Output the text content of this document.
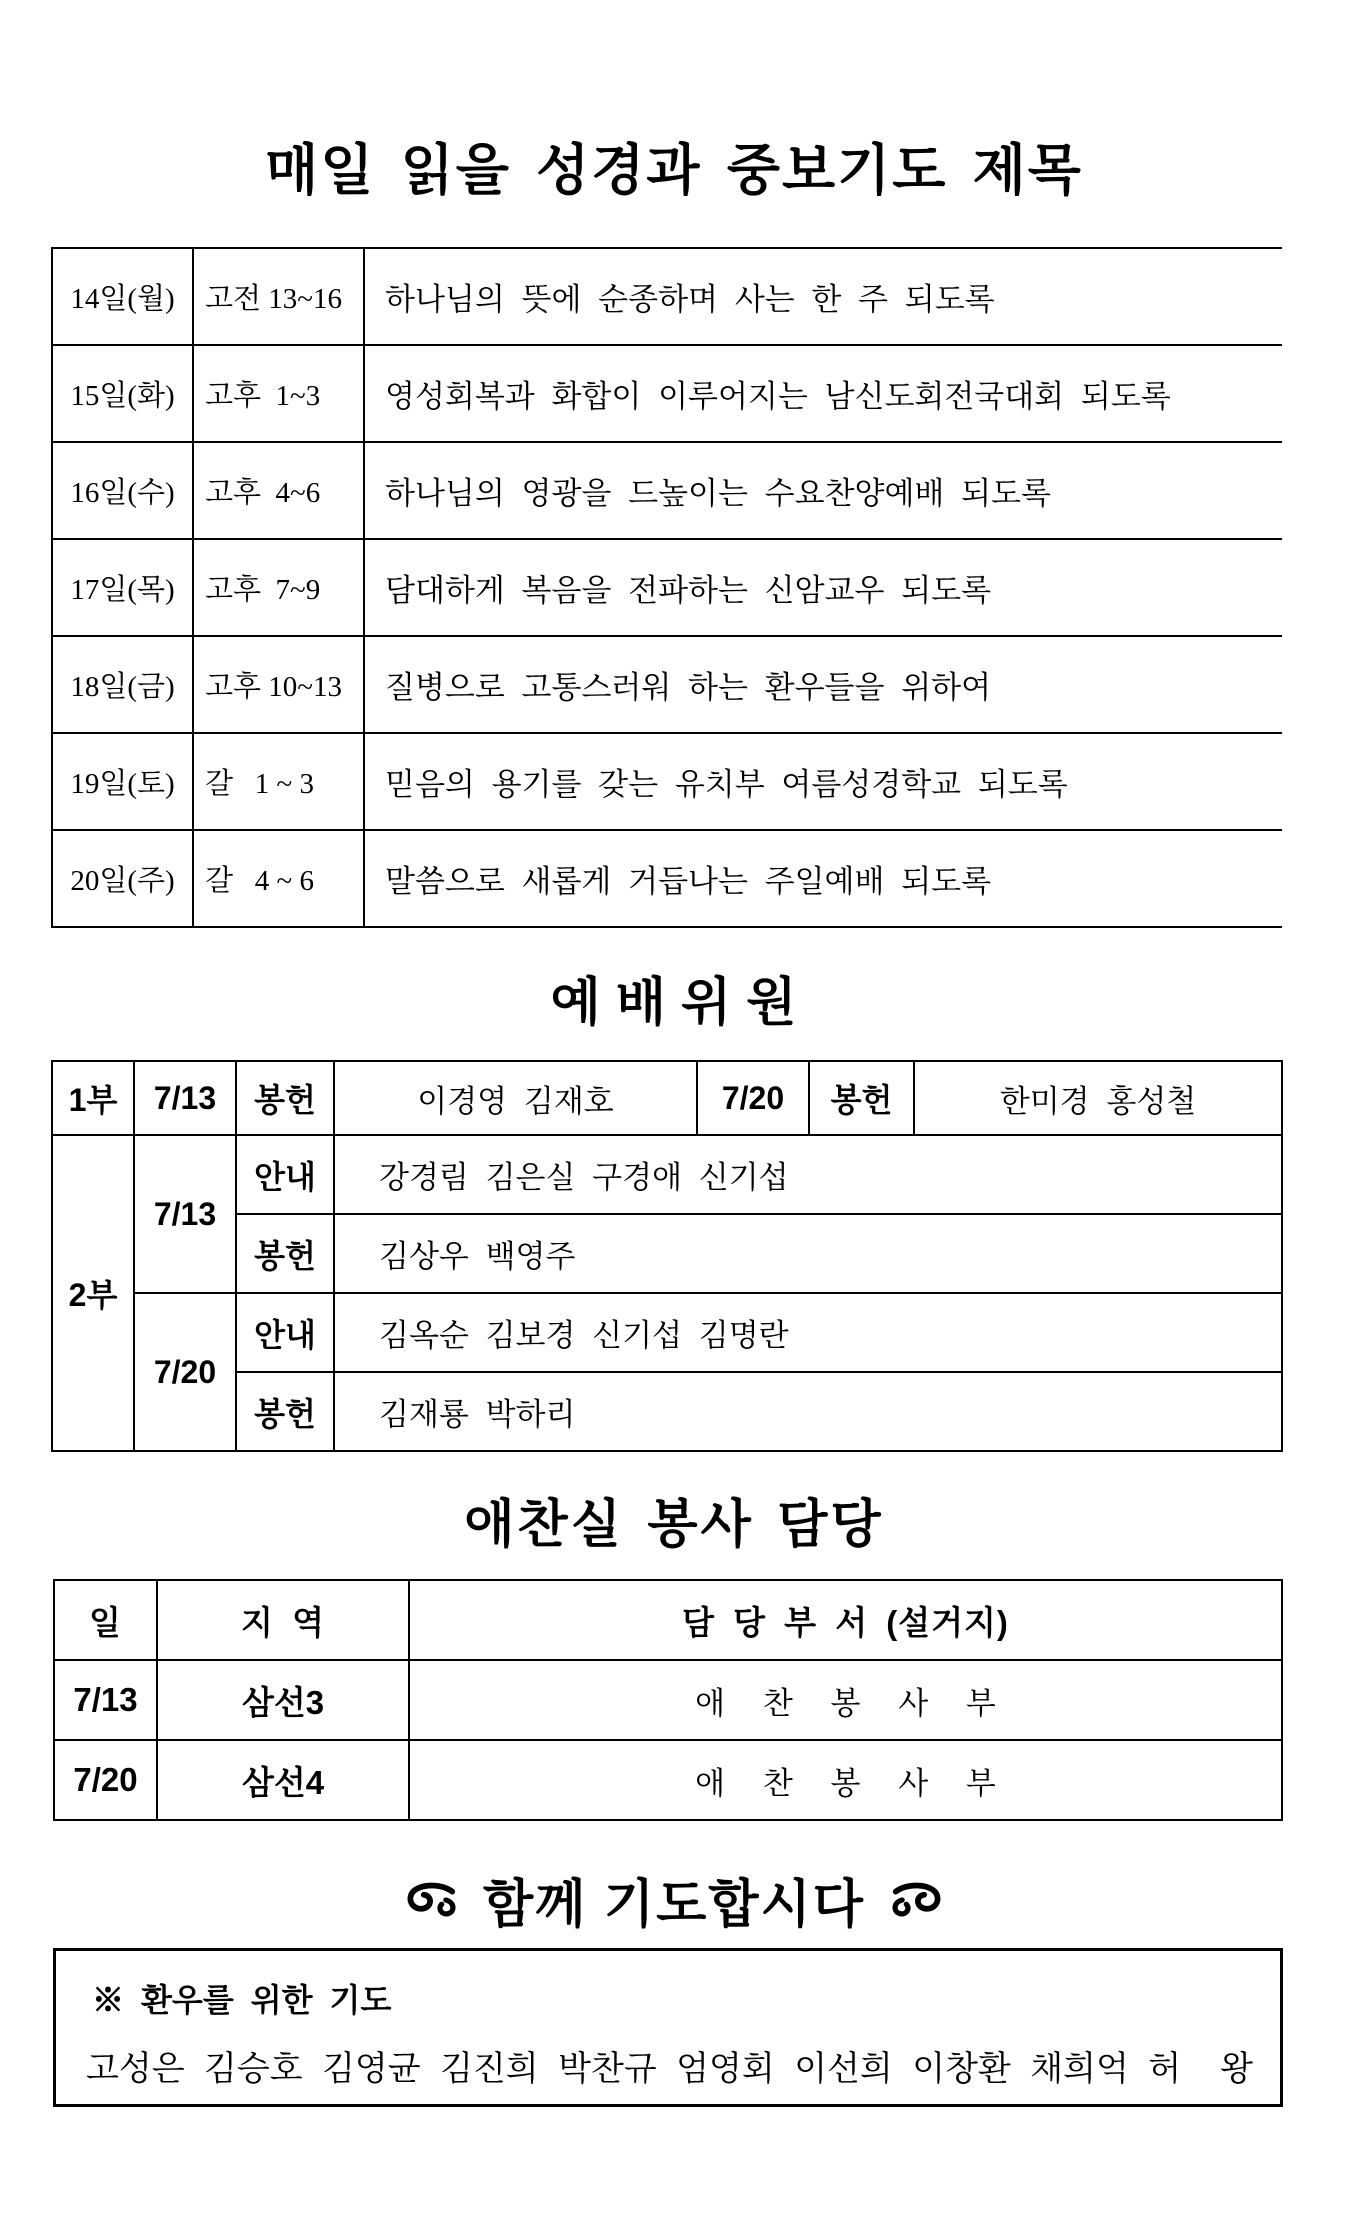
매일 읽을 성경과 중보기도 제목
14일(월)	고전 13~16	하나님의 뜻에 순종하며 사는 한 주 되도록
15일(화)	고후  1~3	영성회복과 화합이 이루어지는 남신도회전국대회 되도록
16일(수)	고후  4~6	하나님의 영광을 드높이는 수요찬양예배 되도록
17일(목)	고후  7~9	담대하게 복음을 전파하는 신암교우 되도록
18일(금)	고후 10~13	질병으로 고통스러워 하는 환우들을 위하여
19일(토)	갈   1 ~ 3	믿음의 용기를 갖는 유치부 여름성경학교 되도록
20일(주)	갈   4 ~ 6	말씀으로 새롭게 거듭나는 주일예배 되도록
예 배 위 원
1부	7/13	봉헌	이경영 김재호	7/20	봉헌	한미경 홍성철
2부	7/13	안내	강경림 김은실 구경애 신기섭			
		봉헌	김상우 백영주			
	7/20	안내	김옥순 김보경 신기섭 김명란			
		봉헌	김재룡 박하리			
애찬실 봉사 담당
일	지 역	담 당 부 서 (설거지)
7/13	삼선3	애 찬 봉 사 부
7/20	삼선4	애 찬 봉 사 부
함께 기도합시다
※ 환우를 위한 기도
고성은 김승호 김영균 김진희 박찬규 엄영회 이선희 이창환 채희억 허  왕
